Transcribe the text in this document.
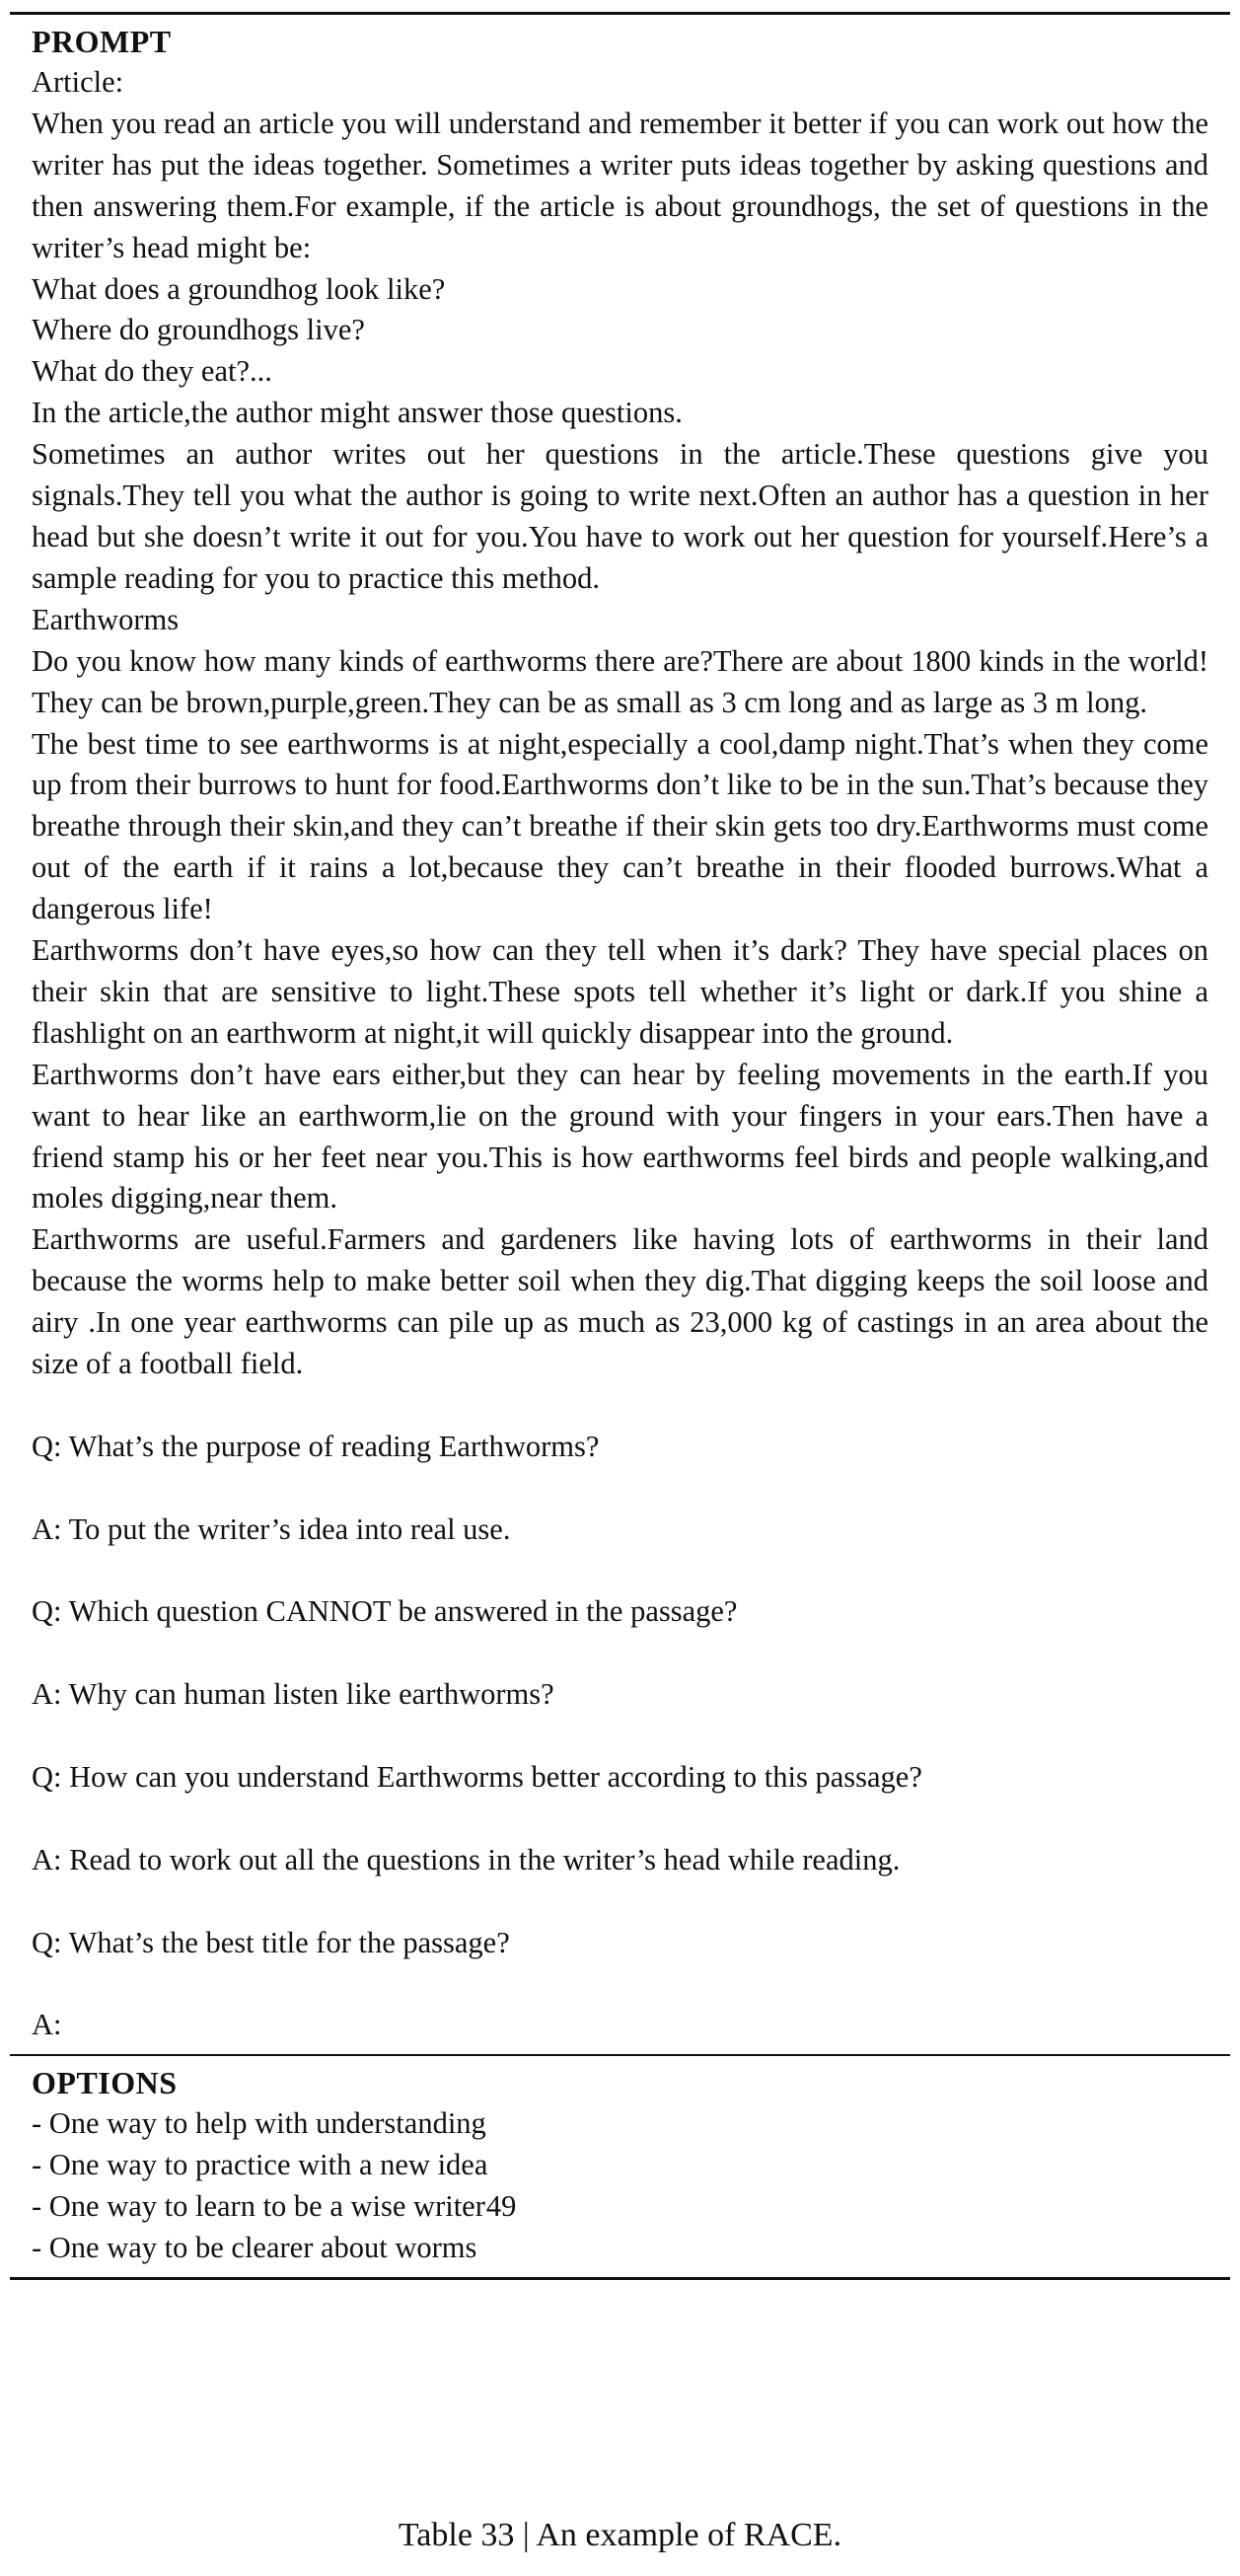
PROMPT
Article:
When you read an article you will understand and remember it better if you can work out how the writer has put the ideas together. Sometimes a writer puts ideas together by asking questions and then answering them.For example, if the article is about groundhogs, the set of questions in the writer’s head might be:
What does a groundhog look like?
Where do groundhogs live?
What do they eat?...
In the article,the author might answer those questions.
Sometimes an author writes out her questions in the article.These questions give you signals.They tell you what the author is going to write next.Often an author has a question in her head but she doesn’t write it out for you.You have to work out her question for yourself.Here’s a sample reading for you to practice this method.
Earthworms
Do you know how many kinds of earthworms there are?There are about 1800 kinds in the world! They can be brown,purple,green.They can be as small as 3 cm long and as large as 3 m long.
The best time to see earthworms is at night,especially a cool,damp night.That’s when they come up from their burrows to hunt for food.Earthworms don’t like to be in the sun.That’s because they breathe through their skin,and they can’t breathe if their skin gets too dry.Earthworms must come out of the earth if it rains a lot,because they can’t breathe in their flooded burrows.What a dangerous life!
Earthworms don’t have eyes,so how can they tell when it’s dark? They have special places on their skin that are sensitive to light.These spots tell whether it’s light or dark.If you shine a flashlight on an earthworm at night,it will quickly disappear into the ground.
Earthworms don’t have ears either,but they can hear by feeling movements in the earth.If you want to hear like an earthworm,lie on the ground with your fingers in your ears.Then have a friend stamp his or her feet near you.This is how earthworms feel birds and people walking,and moles digging,near them.
Earthworms are useful.Farmers and gardeners like having lots of earthworms in their land because the worms help to make better soil when they dig.That digging keeps the soil loose and airy .In one year earthworms can pile up as much as 23,000 kg of castings in an area about the size of a football field.
Q: What’s the purpose of reading Earthworms?
A: To put the writer’s idea into real use.
Q: Which question CANNOT be answered in the passage?
A: Why can human listen like earthworms?
Q: How can you understand Earthworms better according to this passage?
A: Read to work out all the questions in the writer’s head while reading.
Q: What’s the best title for the passage?
A:
OPTIONS
- One way to help with understanding
- One way to practice with a new idea
- One way to learn to be a wise writer49
- One way to be clearer about worms
Table 33 | An example of RACE.
